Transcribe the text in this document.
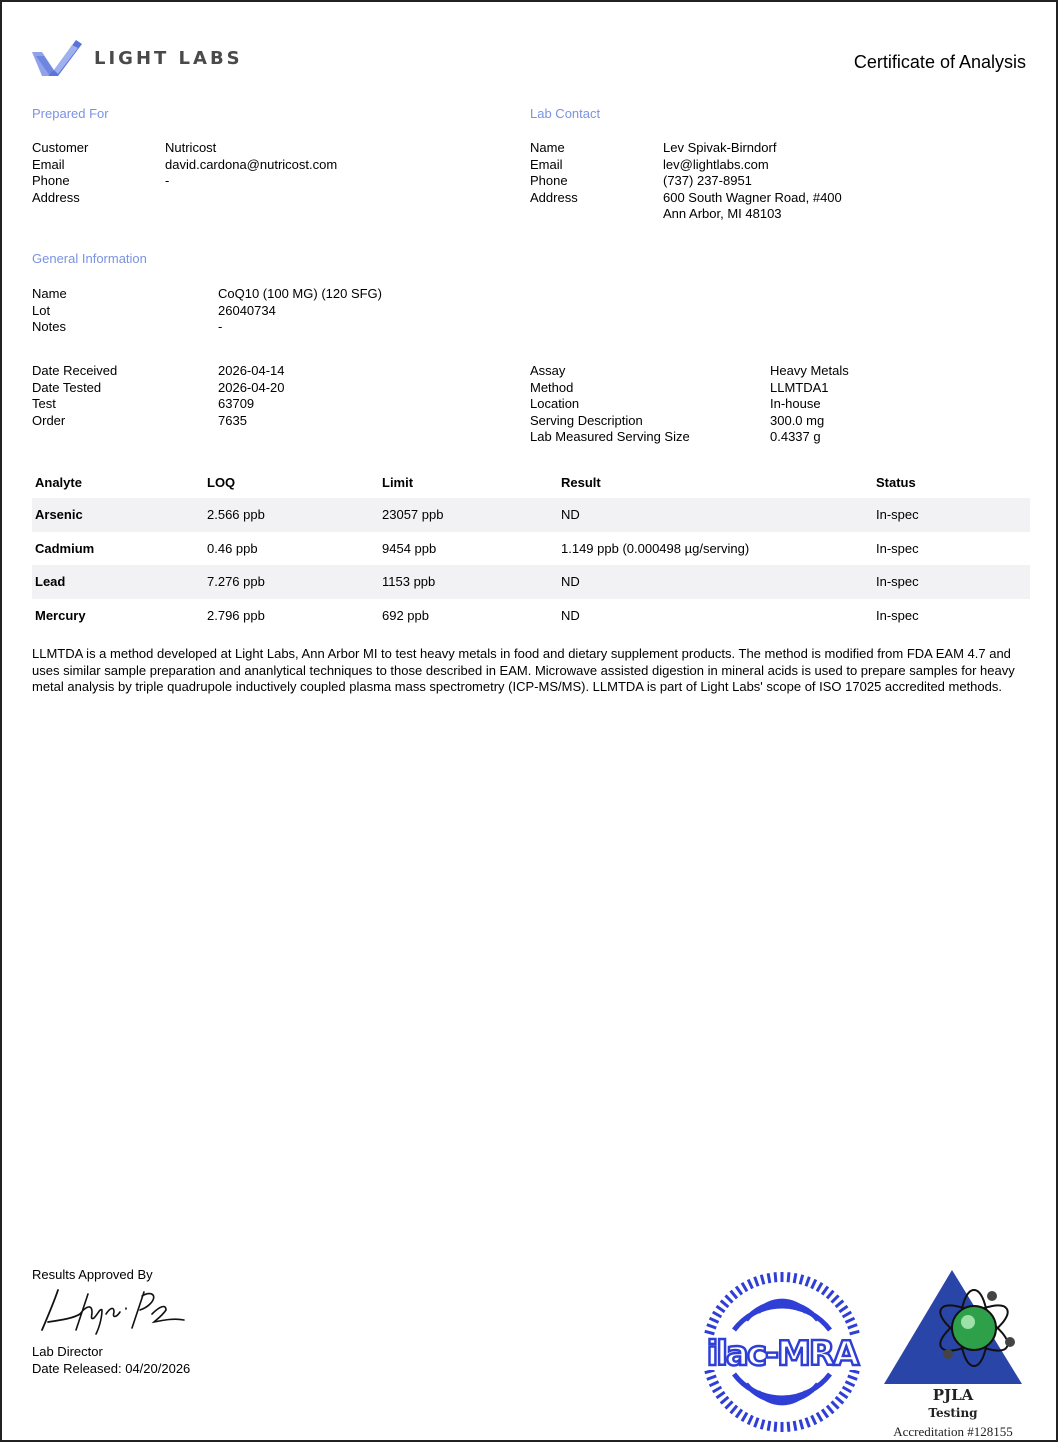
LIGHT LABS	Certificate of Analysis
Prepared For
Customer	Nutricost
Email	david.cardona@nutricost.com
Phone	-
Address
Lab Contact
Name	Lev Spivak-Birndorf
Email	lev@lightlabs.com
Phone	(737) 237-8951
Address	600 South Wagner Road, #400
Ann Arbor, MI 48103
General Information
Name	CoQ10 (100 MG) (120 SFG)
Lot	26040734
Notes	-
Date Received	2026-04-14
Date Tested	2026-04-20
Test	63709
Order	7635
Assay	Heavy Metals
Method	LLMTDA1
Location	In-house
Serving Description	300.0 mg
Lab Measured Serving Size	0.4337 g
Analyte	LOQ	Limit	Result	Status
Arsenic	2.566 ppb	23057 ppb	ND	In-spec
Cadmium	0.46 ppb	9454 ppb	1.149 ppb (0.000498 µg/serving)	In-spec
Lead	7.276 ppb	1153 ppb	ND	In-spec
Mercury	2.796 ppb	692 ppb	ND	In-spec
LLMTDA is a method developed at Light Labs, Ann Arbor MI to test heavy metals in food and dietary supplement products. The method is modified from FDA EAM 4.7 and uses similar sample preparation and ananlytical techniques to those described in EAM. Microwave assisted digestion in mineral acids is used to prepare samples for heavy metal analysis by triple quadrupole inductively coupled plasma mass spectrometry (ICP-MS/MS). LLMTDA is part of Light Labs' scope of ISO 17025 accredited methods.
Results Approved By
Lab Director
Date Released: 04/20/2026	ilac-MRA
PJLA
Testing
Accreditation #128155
